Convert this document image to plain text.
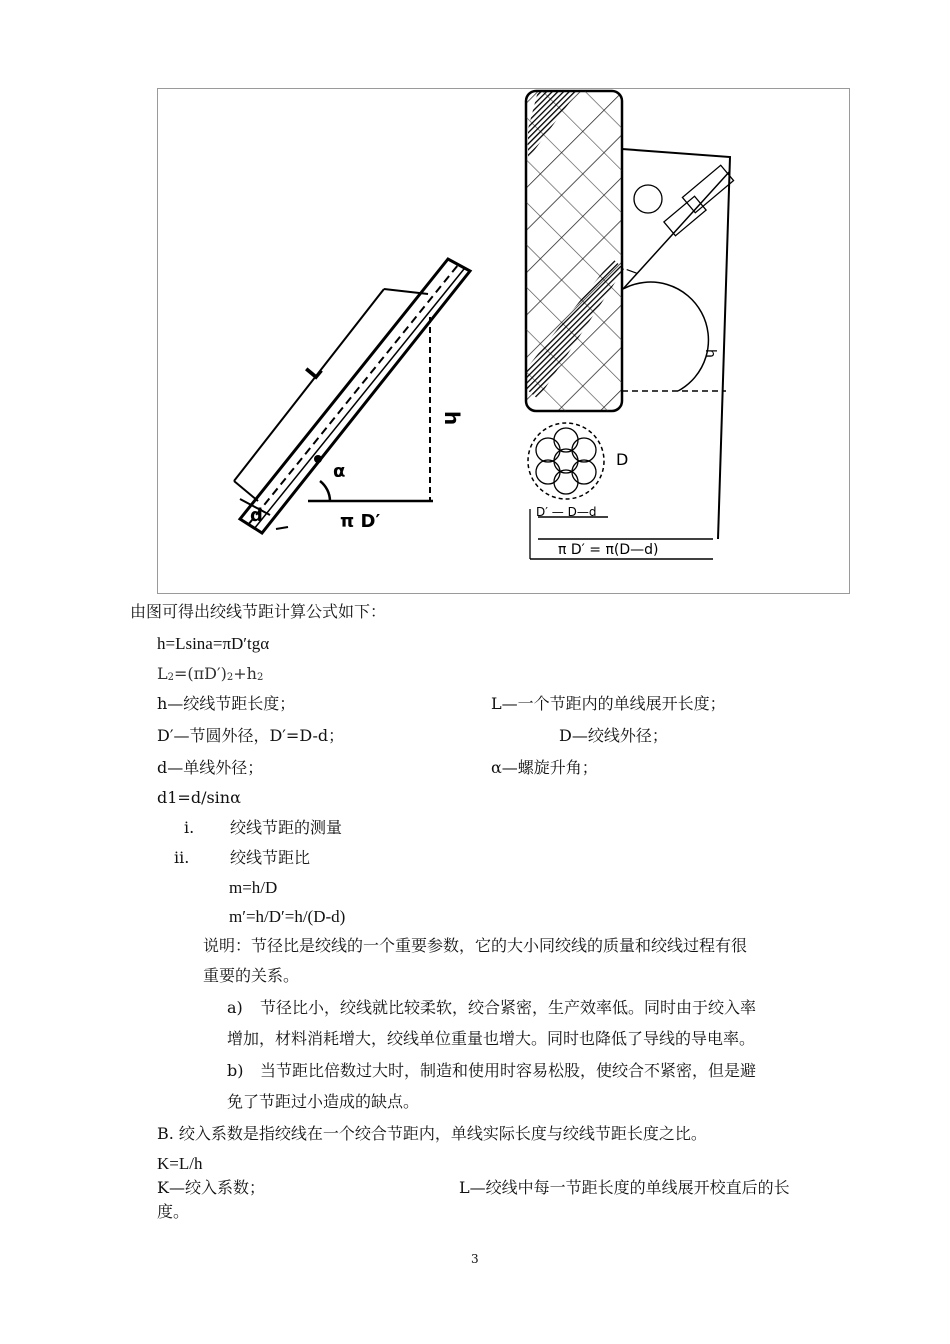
L
h
α
d	π D′
D
D′ — D—d
π D′ = π(D—d)
l
h
由图可得出绞线节距计算公式如下：
h=Lsina=πD′tgα
L2=(πD′)2+h2
h—绞线节距长度；	L—一个节距内的单线展开长度；
D′—节圆外径，D′=D-d；	D—绞线外径；
d—单线外径；	α—螺旋升角；
d1=d/sinα
i. 绞线节距的测量
ii.	绞线节距比
m=h/D
m′=h/D′=h/(D-d)
说明：节径比是绞线的一个重要参数，它的大小同绞线的质量和绞线过程有很
重要的关系。
a) 节径比小，绞线就比较柔软，绞合紧密，生产效率低。同时由于绞入率
增加，材料消耗增大，绞线单位重量也增大。同时也降低了导线的导电率。
b) 当节距比倍数过大时，制造和使用时容易松股，使绞合不紧密，但是避
免了节距过小造成的缺点。
B. 绞入系数是指绞线在一个绞合节距内，单线实际长度与绞线节距长度之比。
K=L/h
K—绞入系数；	L—绞线中每一节距长度的单线展开校直后的长
度。
3
